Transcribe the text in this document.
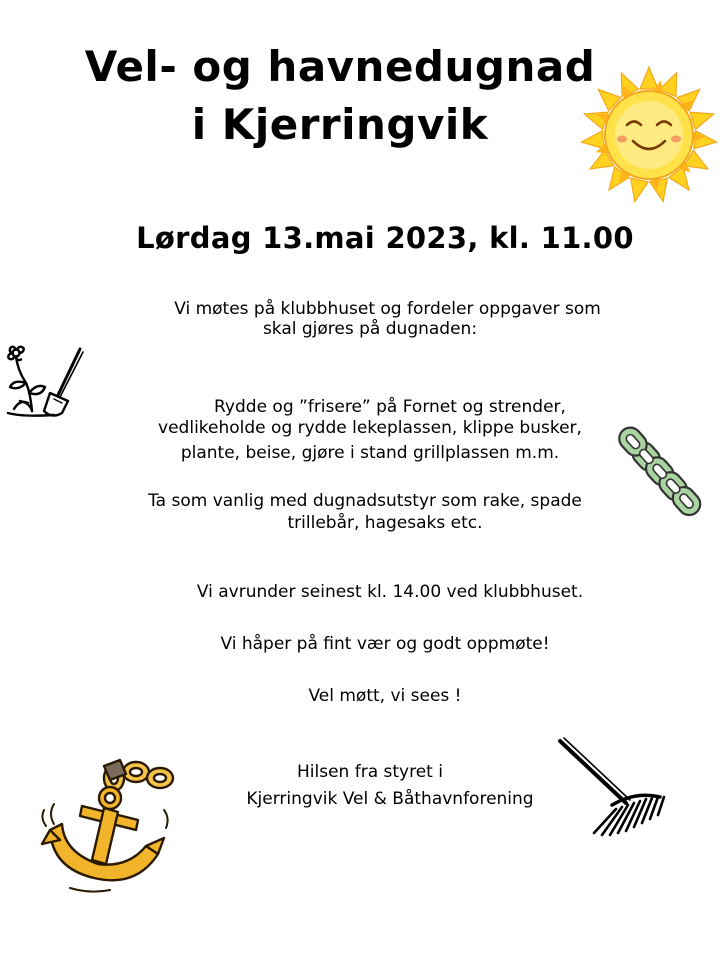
Vel- og havnedugnad
i Kjerringvik
Lørdag 13.mai 2023, kl. 11.00
Vi møtes på klubbhuset og fordeler oppgaver som
skal gjøres på dugnaden:
Rydde og ”frisere” på Fornet og strender,
vedlikeholde og rydde lekeplassen, klippe busker,
plante, beise, gjøre i stand grillplassen m.m.
Ta som vanlig med dugnadsutstyr som rake, spade
trillebår, hagesaks etc.
Vi avrunder seinest kl. 14.00 ved klubbhuset.
Vi håper på fint vær og godt oppmøte!
Vel møtt, vi sees !
Hilsen fra styret i
Kjerringvik Vel & Båthavnforening
